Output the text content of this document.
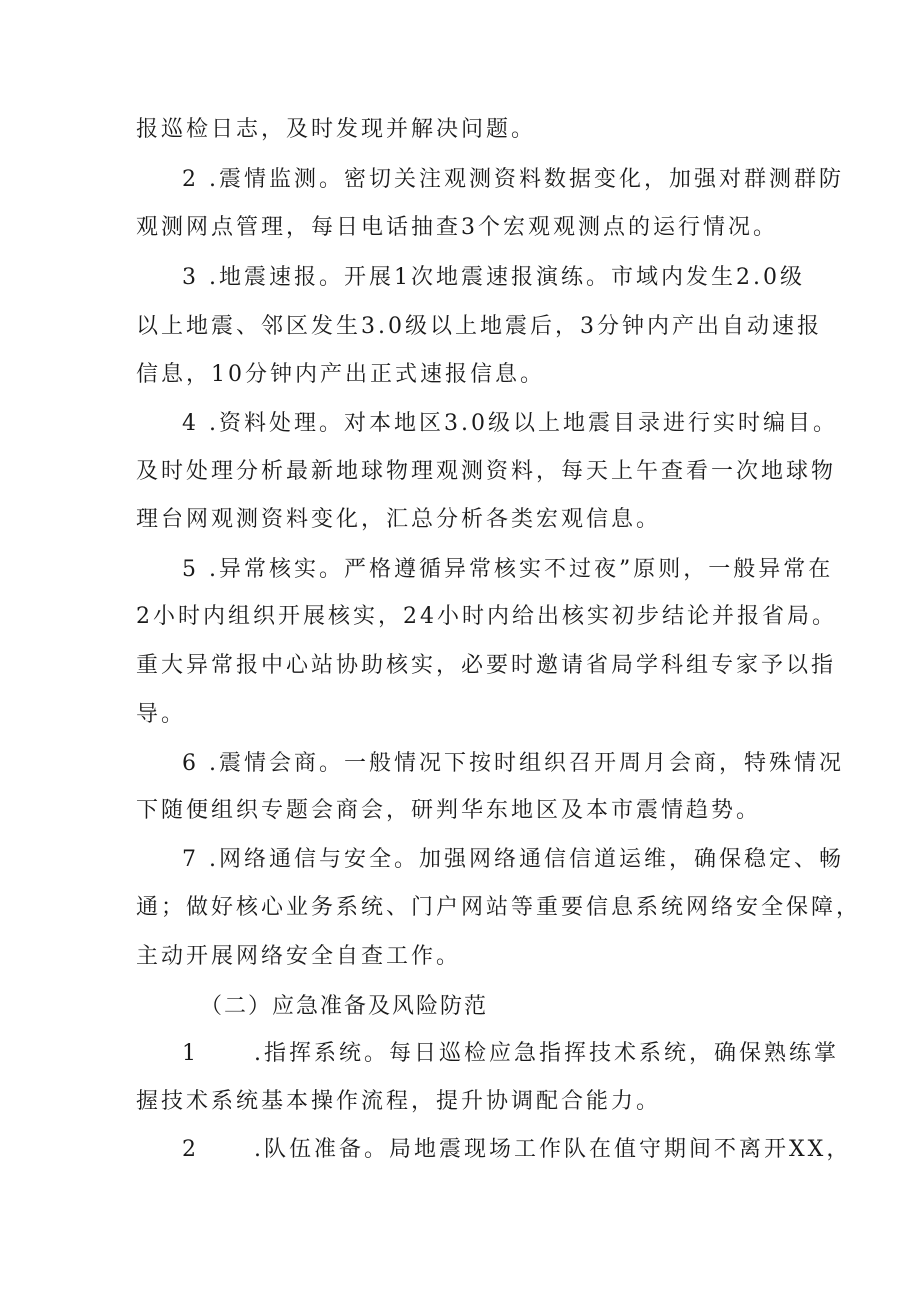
报巡检日志，及时发现并解决问题。
2 .震情监测。密切关注观测资料数据变化，加强对群测群防
观测网点管理，每日电话抽查3个宏观观测点的运行情况。
3 .地震速报。开展1次地震速报演练。市域内发生2.0级
以上地震、邻区发生3.0级以上地震后，3分钟内产出自动速报
信息，10分钟内产出正式速报信息。
4 .资料处理。对本地区3.0级以上地震目录进行实时编目。
及时处理分析最新地球物理观测资料，每天上午查看一次地球物
理台网观测资料变化，汇总分析各类宏观信息。
5 .异常核实。严格遵循异常核实不过夜”原则，一般异常在
2小时内组织开展核实，24小时内给出核实初步结论并报省局。
重大异常报中心站协助核实，必要时邀请省局学科组专家予以指
导。
6 .震情会商。一般情况下按时组织召开周月会商，特殊情况
下随便组织专题会商会，研判华东地区及本市震情趋势。
7 .网络通信与安全。加强网络通信信道运维，确保稳定、畅
通；做好核心业务系统、门户网站等重要信息系统网络安全保障，
主动开展网络安全自查工作。
（二）应急准备及风险防范
1	.指挥系统。每日巡检应急指挥技术系统，确保熟练掌
握技术系统基本操作流程，提升协调配合能力。
2	.队伍准备。局地震现场工作队在值守期间不离开XX，
